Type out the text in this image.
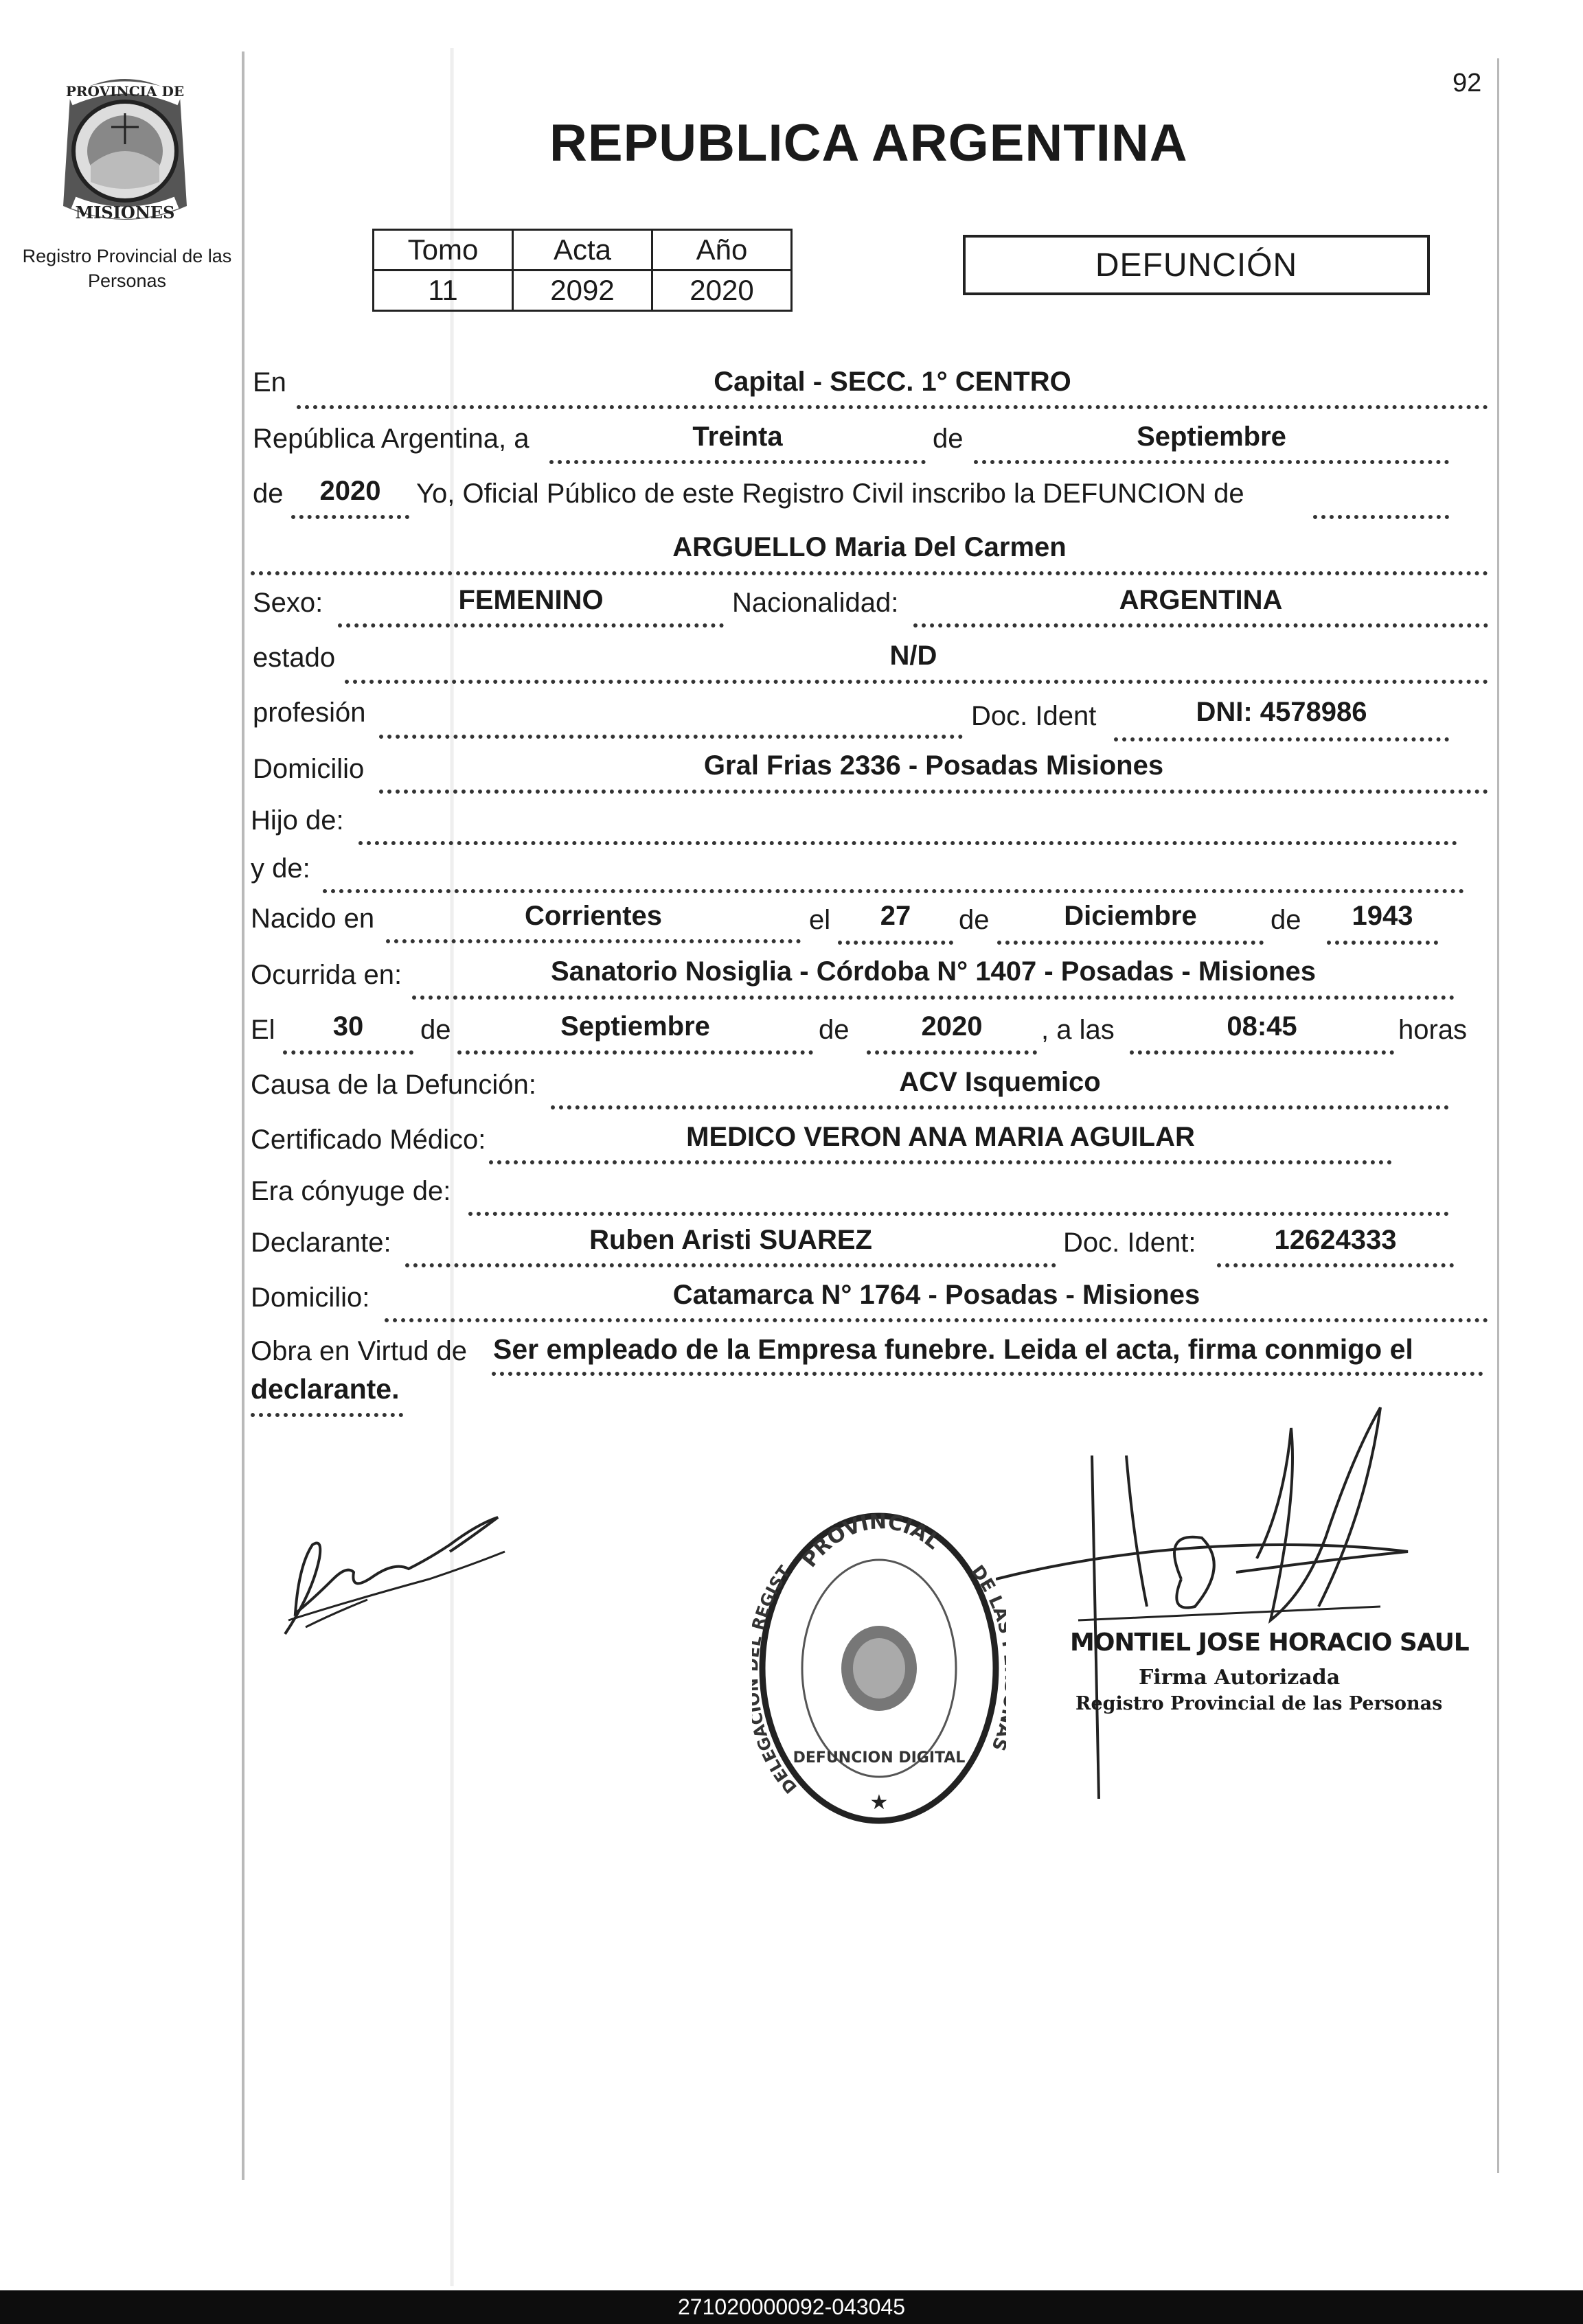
92
PROVINCIA DE
MISIONES
Registro Provincial de las Personas
REPUBLICA ARGENTINA
Tomo	Acta	Año
11	2092	2020
DEFUNCIÓN
En	Capital - SECC. 1° CENTRO
República Argentina, a	Treinta	de	Septiembre
de	2020	Yo, Oficial Público de este Registro Civil inscribo la DEFUNCION de
ARGUELLO Maria Del Carmen
Sexo:	FEMENINO	Nacionalidad:	ARGENTINA
estado	N/D
profesión	Doc. Ident	DNI: 4578986
Domicilio	Gral Frias 2336 - Posadas Misiones
Hijo de:
y de:
Nacido en	Corrientes	el	27	de	Diciembre	de	1943
Ocurrida en:	Sanatorio Nosiglia - Córdoba N° 1407 - Posadas - Misiones
El	30	de	Septiembre	de	2020	, a las	08:45	horas
Causa de la Defunción:	ACV Isquemico
Certificado Médico:	MEDICO VERON ANA MARIA AGUILAR
Era cónyuge de:
Declarante:	Ruben Aristi SUAREZ	Doc. Ident:	12624333
Domicilio:	Catamarca N° 1764 - Posadas - Misiones
Obra en Virtud de Ser empleado de la Empresa funebre. Leida el acta, firma conmigo el
declarante.
PROVINCIAL
DELEG EGIST	DE L
DEFUNCION DIGITAL
★
MONTIEL JOSE HORACIO SAUL
Firma Autorizada
Registro Provincial de las Personas
271020000092-043045
